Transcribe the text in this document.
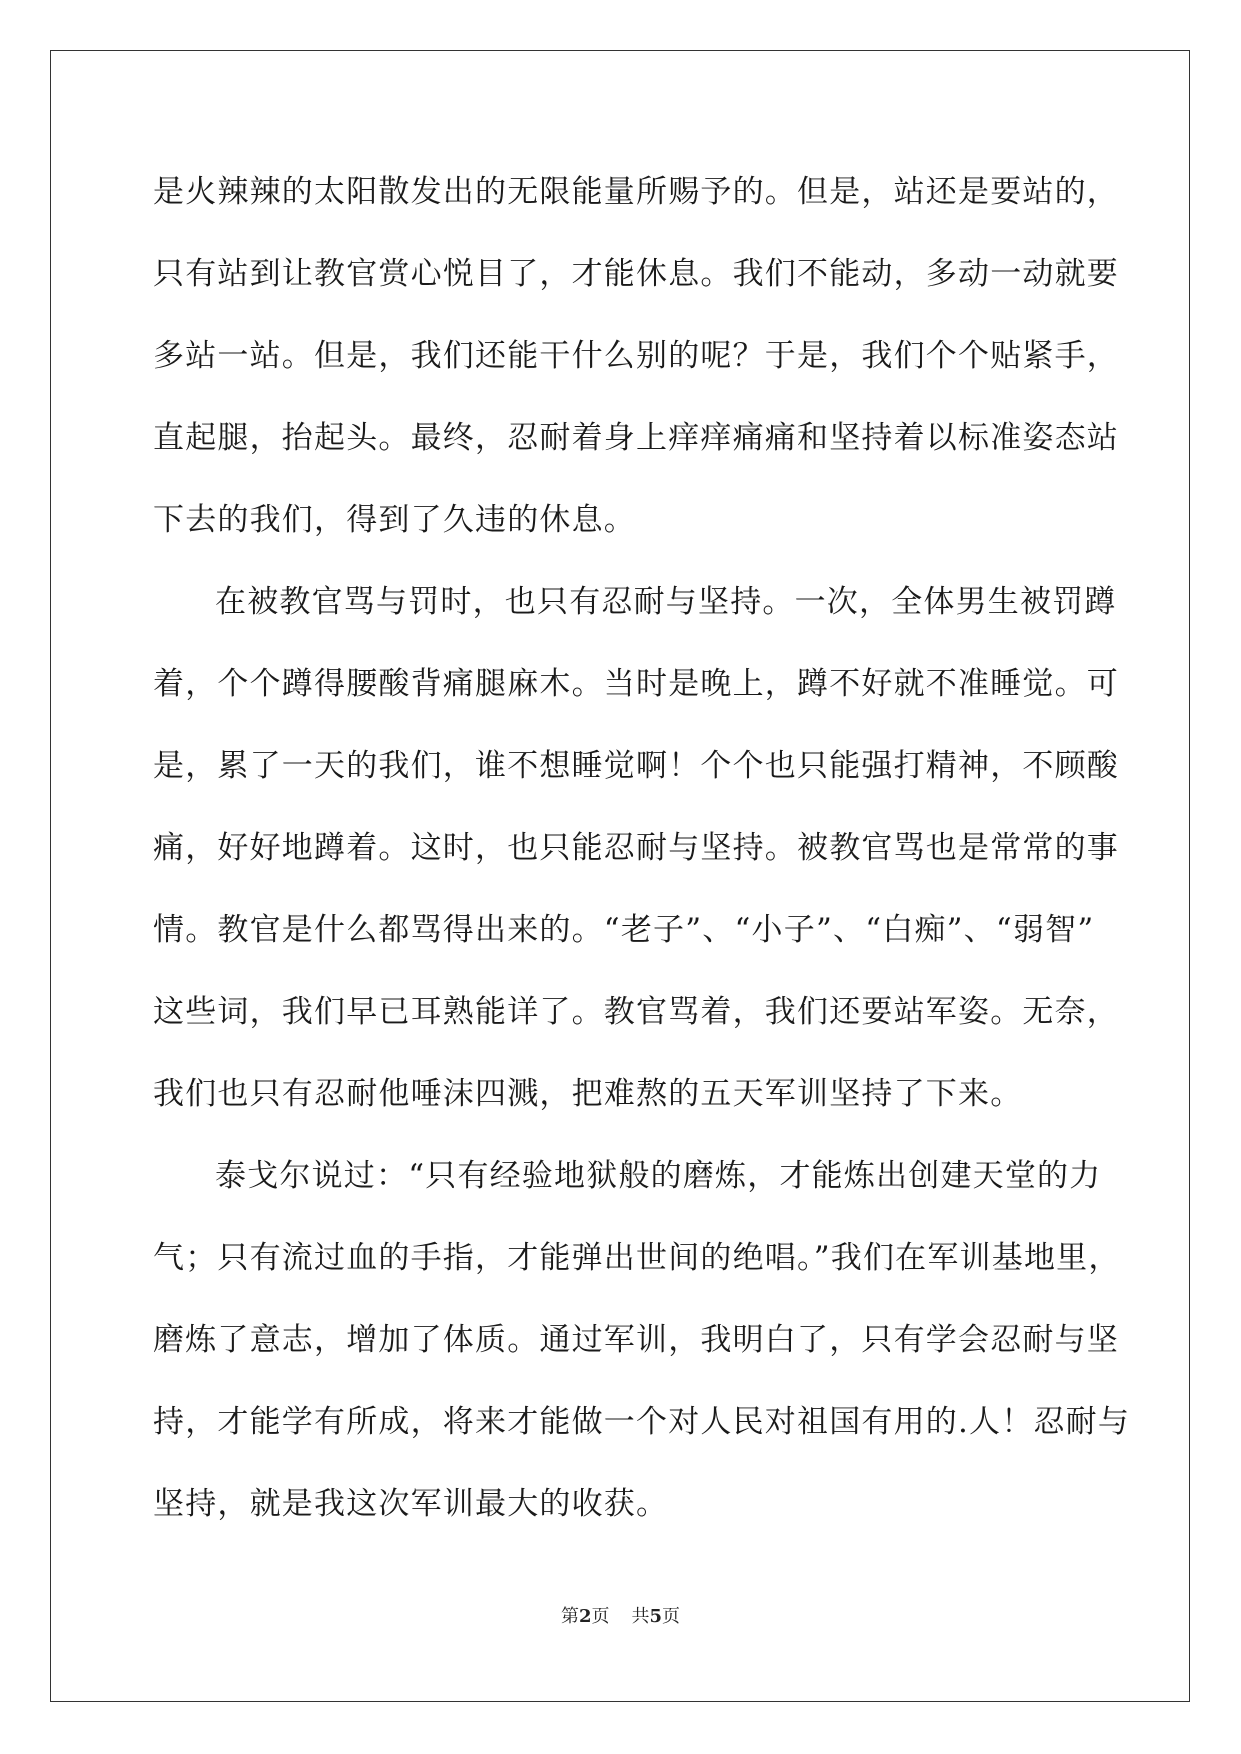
是火辣辣的太阳散发出的无限能量所赐予的。但是，站还是要站的，

只有站到让教官赏心悦目了，才能休息。我们不能动，多动一动就要

多站一站。但是，我们还能干什么别的呢？于是，我们个个贴紧手，

直起腿，抬起头。最终，忍耐着身上痒痒痛痛和坚持着以标准姿态站

下去的我们，得到了久违的休息。

在被教官骂与罚时，也只有忍耐与坚持。一次，全体男生被罚蹲

着，个个蹲得腰酸背痛腿麻木。当时是晚上，蹲不好就不准睡觉。可

是，累了一天的我们，谁不想睡觉啊！个个也只能强打精神，不顾酸

痛，好好地蹲着。这时，也只能忍耐与坚持。被教官骂也是常常的事

情。教官是什么都骂得出来的。“老子”、“小子”、“白痴”、“弱智”

这些词，我们早已耳熟能详了。教官骂着，我们还要站军姿。无奈，

我们也只有忍耐他唾沫四溅，把难熬的五天军训坚持了下来。

泰戈尔说过：“只有经验地狱般的磨炼，才能炼出创建天堂的力

气；只有流过血的手指，才能弹出世间的绝唱。”我们在军训基地里，

磨炼了意志，增加了体质。通过军训，我明白了，只有学会忍耐与坚

持，才能学有所成，将来才能做一个对人民对祖国有用的.人！忍耐与

坚持，就是我这次军训最大的收获。

第2页 共5页
